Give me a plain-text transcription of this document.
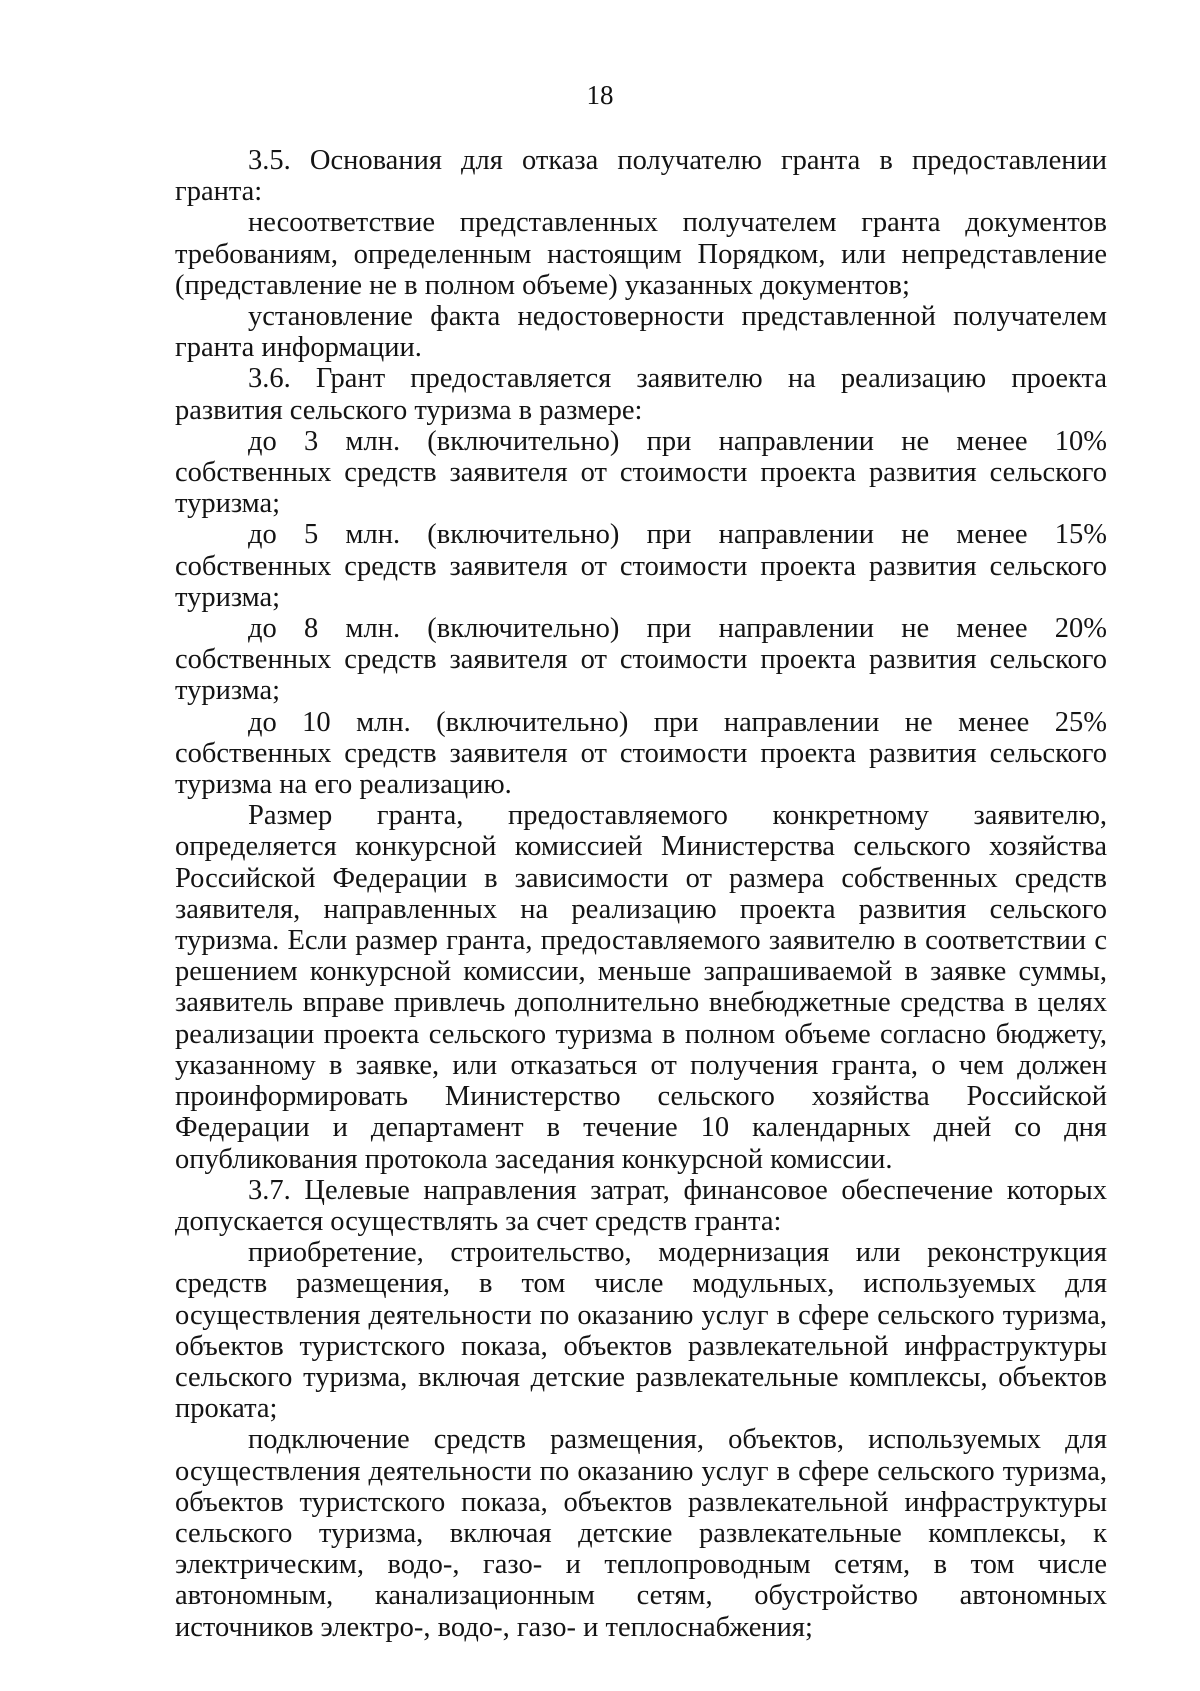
18

3.5. Основания для отказа получателю гранта в предоставлении гранта:

несоответствие представленных получателем гранта документов требованиям, определенным настоящим Порядком, или непредставление (представление не в полном объеме) указанных документов;

установление факта недостоверности представленной получателем гранта информации.

3.6. Грант предоставляется заявителю на реализацию проекта развития сельского туризма в размере:

до 3 млн. (включительно) при направлении не менее 10% собственных средств заявителя от стоимости проекта развития сельского туризма;

до 5 млн. (включительно) при направлении не менее 15% собственных средств заявителя от стоимости проекта развития сельского туризма;

до 8 млн. (включительно) при направлении не менее 20% собственных средств заявителя от стоимости проекта развития сельского туризма;

до 10 млн. (включительно) при направлении не менее 25% собственных средств заявителя от стоимости проекта развития сельского туризма на его реализацию.

Размер гранта, предоставляемого конкретному заявителю, определяется конкурсной комиссией Министерства сельского хозяйства Российской Федерации в зависимости от размера собственных средств заявителя, направленных на реализацию проекта развития сельского туризма. Если размер гранта, предоставляемого заявителю в соответствии с решением конкурсной комиссии, меньше запрашиваемой в заявке суммы, заявитель вправе привлечь дополнительно внебюджетные средства в целях реализации проекта сельского туризма в полном объеме согласно бюджету, указанному в заявке, или отказаться от получения гранта, о чем должен проинформировать Министерство сельского хозяйства Российской Федерации и департамент в течение 10 календарных дней со дня опубликования протокола заседания конкурсной комиссии.

3.7. Целевые направления затрат, финансовое обеспечение которых допускается осуществлять за счет средств гранта:

приобретение, строительство, модернизация или реконструкция средств размещения, в том числе модульных, используемых для осуществления деятельности по оказанию услуг в сфере сельского туризма, объектов туристского показа, объектов развлекательной инфраструктуры сельского туризма, включая детские развлекательные комплексы, объектов проката;

подключение средств размещения, объектов, используемых для осуществления деятельности по оказанию услуг в сфере сельского туризма, объектов туристского показа, объектов развлекательной инфраструктуры сельского туризма, включая детские развлекательные комплексы, к электрическим, водо-, газо- и теплопроводным сетям, в том числе автономным, канализационным сетям, обустройство автономных источников электро-, водо-, газо- и теплоснабжения;
